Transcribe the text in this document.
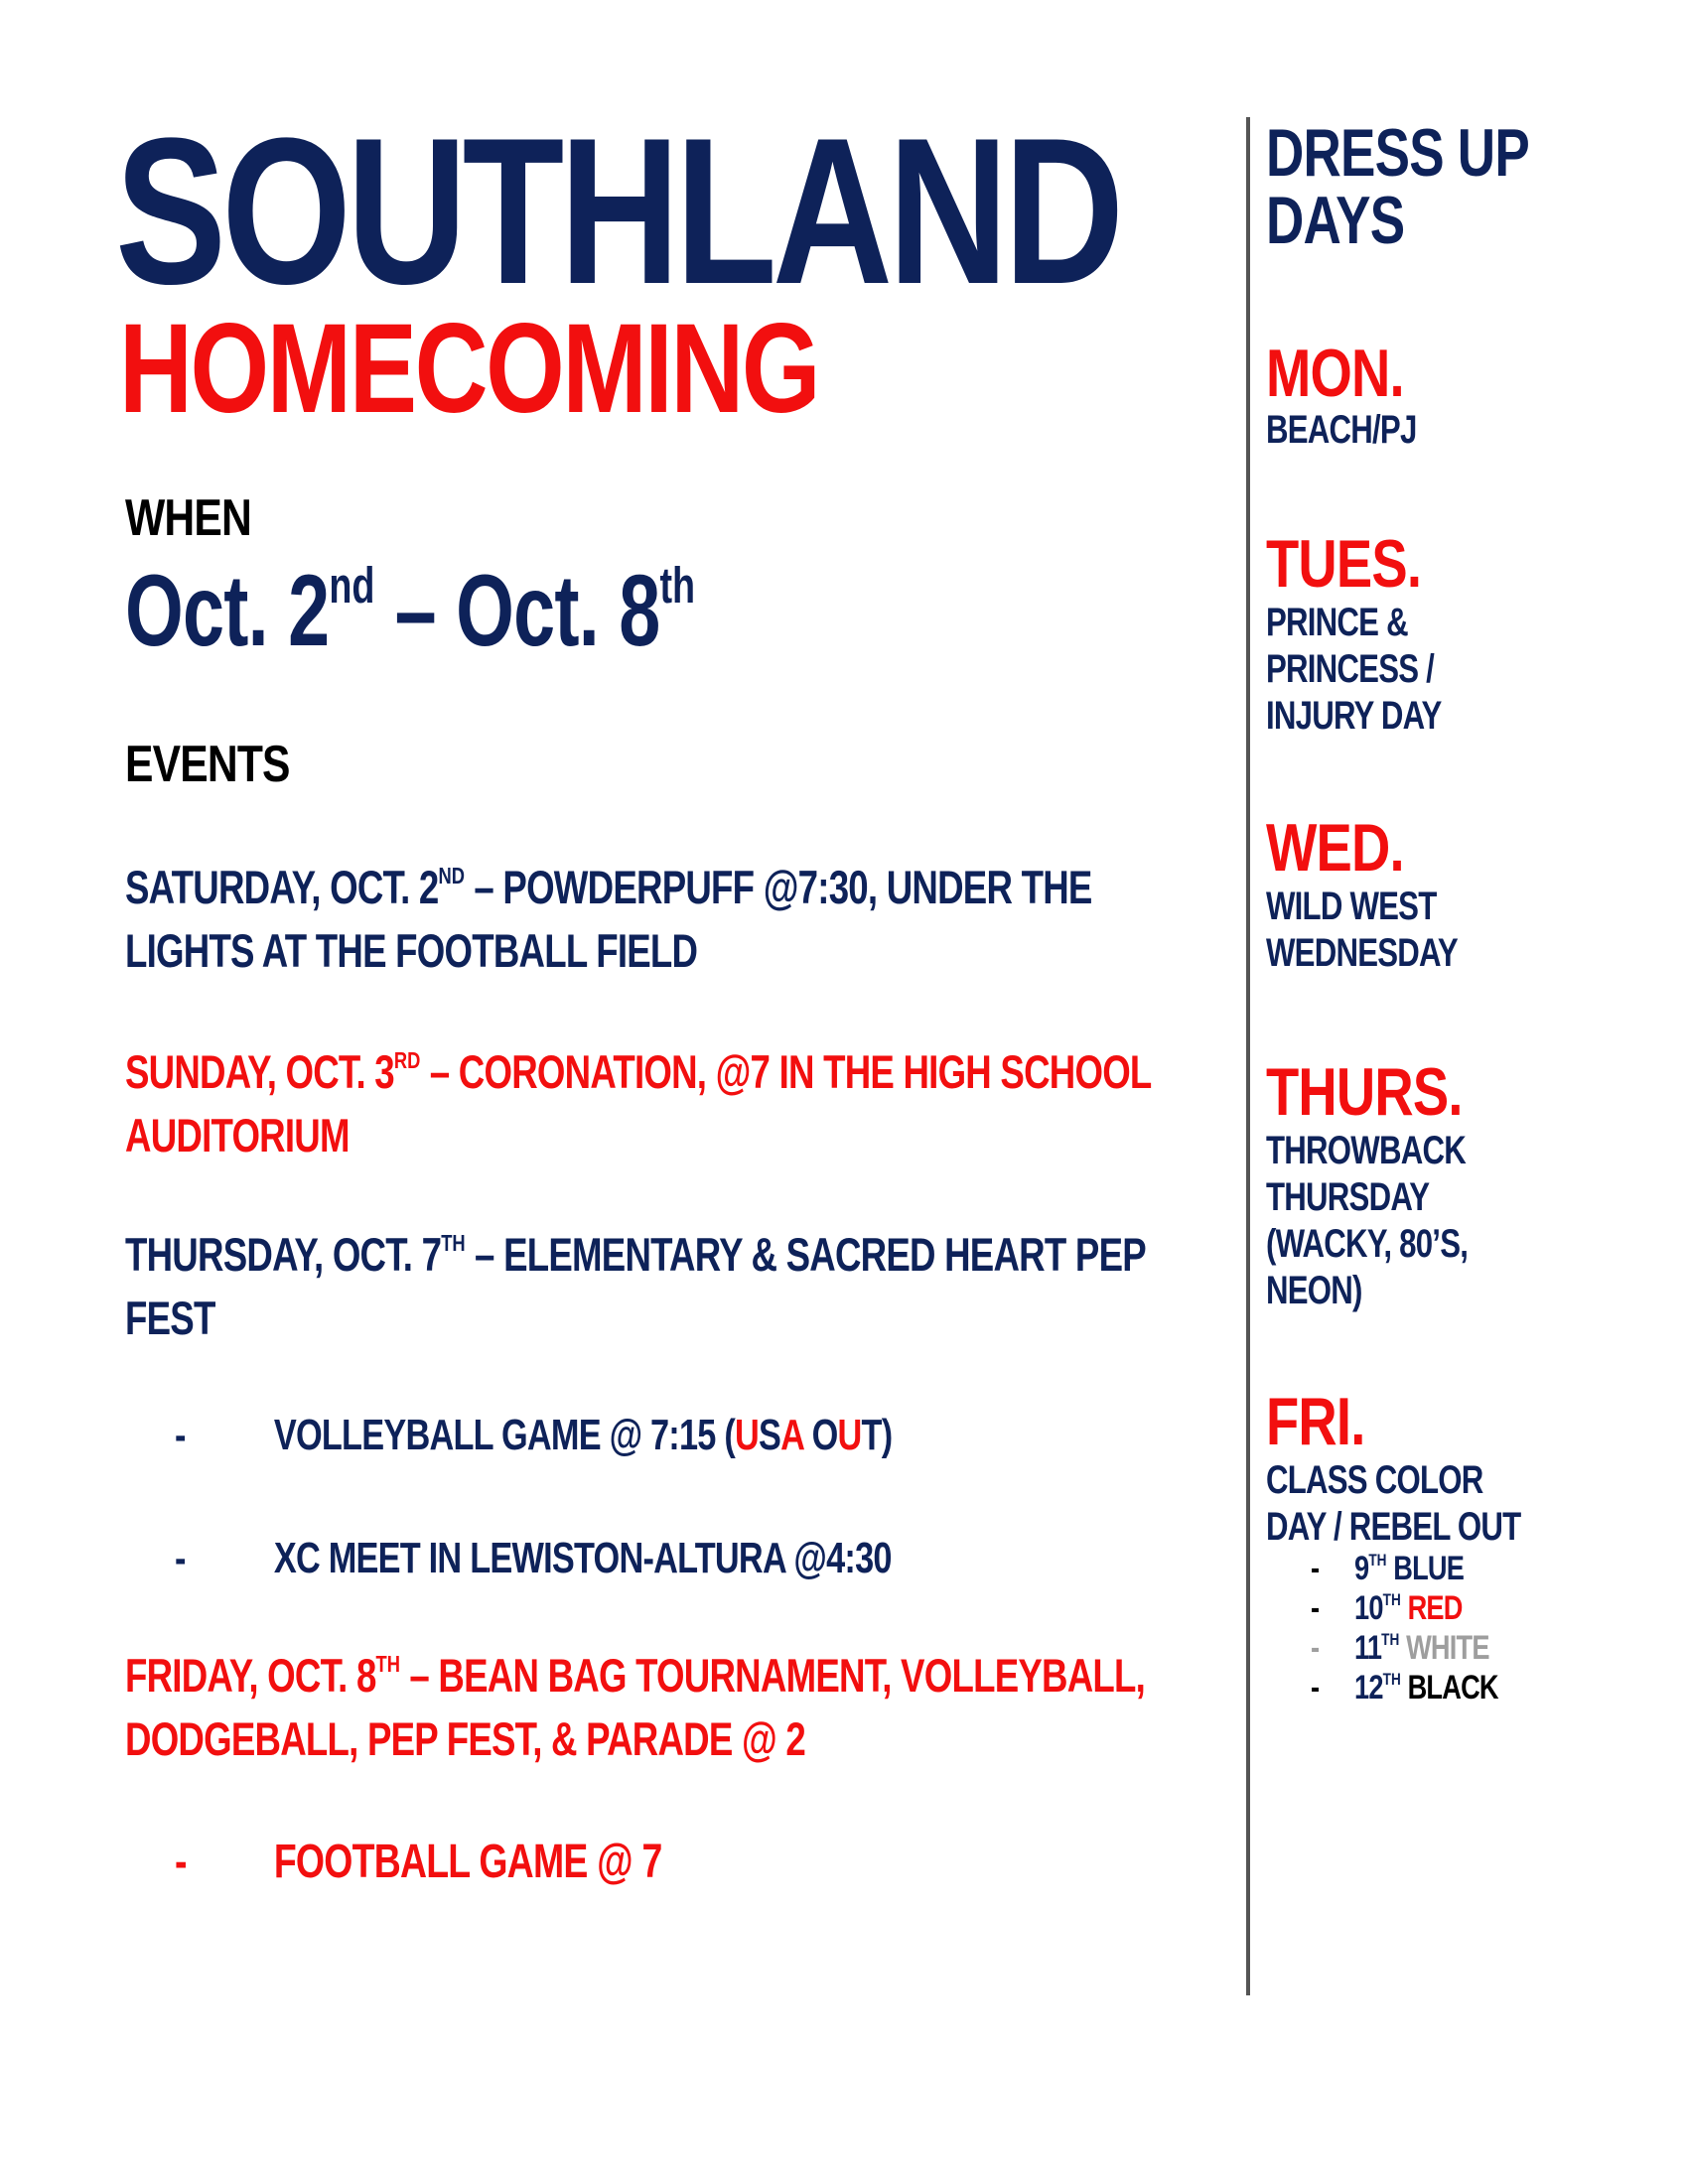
SOUTHLAND
HOMECOMING
WHEN
Oct. 2nd – Oct. 8th
EVENTS
SATURDAY, OCT. 2ND – POWDERPUFF @7:30, UNDER THE
LIGHTS AT THE FOOTBALL FIELD
SUNDAY, OCT. 3RD – CORONATION, @7 IN THE HIGH SCHOOL
AUDITORIUM
THURSDAY, OCT. 7TH – ELEMENTARY & SACRED HEART PEP
FEST
- VOLLEYBALL GAME @ 7:15 (USA OUT)
- XC MEET IN LEWISTON-ALTURA @4:30
FRIDAY, OCT. 8TH – BEAN BAG TOURNAMENT, VOLLEYBALL,
DODGEBALL, PEP FEST, & PARADE @ 2
- FOOTBALL GAME @ 7
DRESS UP
DAYS
MON.
BEACH/PJ
TUES.
PRINCE &
PRINCESS /
INJURY DAY
WED.
WILD WEST
WEDNESDAY
THURS.
THROWBACK
THURSDAY
(WACKY, 80’S,
NEON)
FRI.
CLASS COLOR
DAY / REBEL OUT
- 9TH BLUE
- 10TH RED
- 11TH WHITE
- 12TH BLACK
